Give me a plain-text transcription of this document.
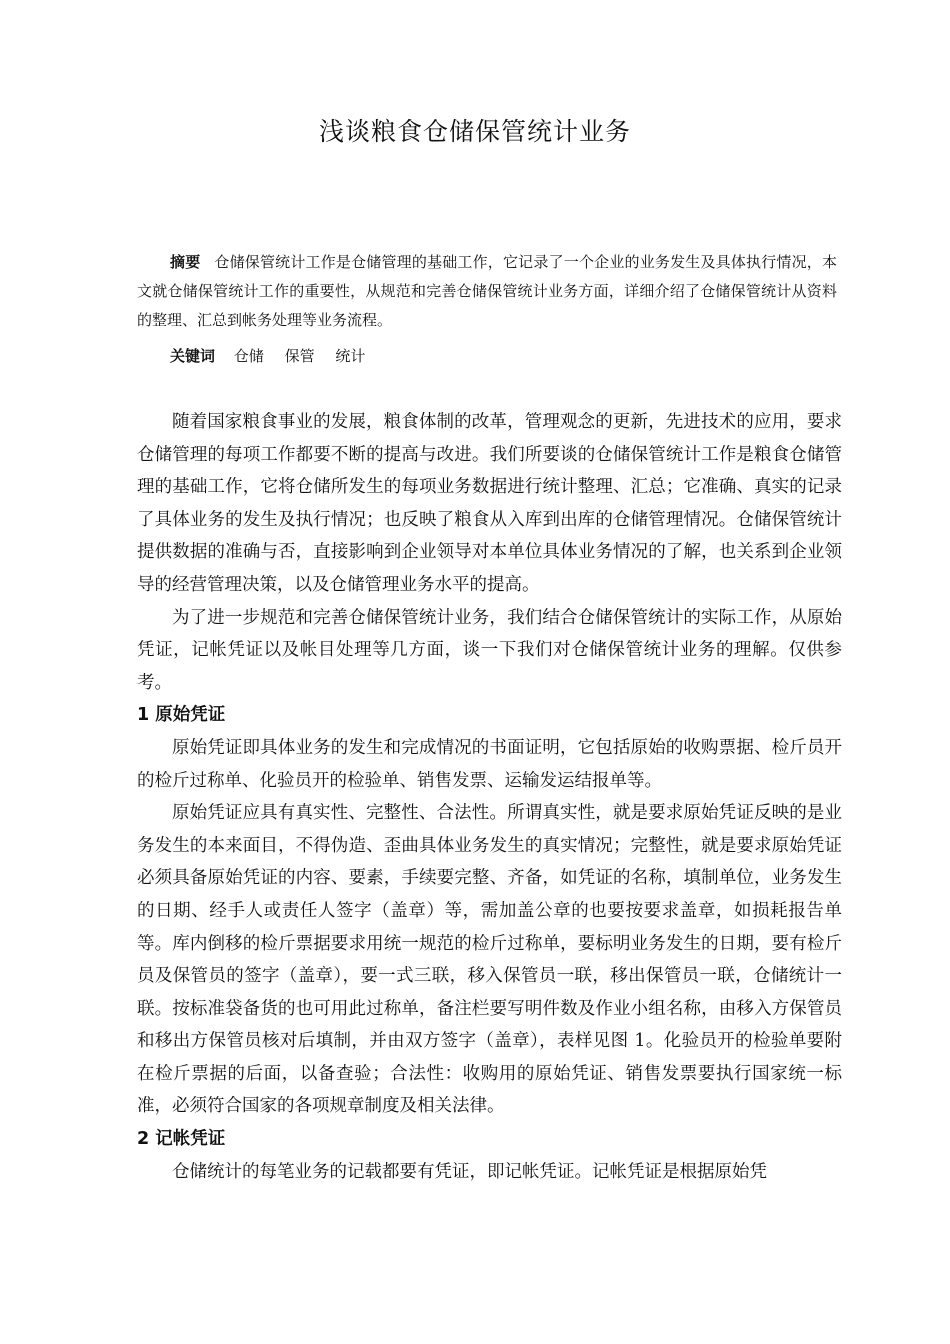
浅谈粮食仓储保管统计业务

摘要 仓储保管统计工作是仓储管理的基础工作，它记录了一个企业的业务发生及具体执行情况，本文就仓储保管统计工作的重要性，从规范和完善仓储保管统计业务方面，详细介绍了仓储保管统计从资料的整理、汇总到帐务处理等业务流程。

关键词 仓储 保管 统计

随着国家粮食事业的发展，粮食体制的改革，管理观念的更新，先进技术的应用，要求仓储管理的每项工作都要不断的提高与改进。我们所要谈的仓储保管统计工作是粮食仓储管理的基础工作，它将仓储所发生的每项业务数据进行统计整理、汇总；它准确、真实的记录了具体业务的发生及执行情况；也反映了粮食从入库到出库的仓储管理情况。仓储保管统计提供数据的准确与否，直接影响到企业领导对本单位具体业务情况的了解，也关系到企业领导的经营管理决策，以及仓储管理业务水平的提高。

为了进一步规范和完善仓储保管统计业务，我们结合仓储保管统计的实际工作，从原始凭证，记帐凭证以及帐目处理等几方面，谈一下我们对仓储保管统计业务的理解。仅供参考。

1 原始凭证

原始凭证即具体业务的发生和完成情况的书面证明，它包括原始的收购票据、检斤员开的检斤过称单、化验员开的检验单、销售发票、运输发运结报单等。

原始凭证应具有真实性、完整性、合法性。所谓真实性，就是要求原始凭证反映的是业务发生的本来面目，不得伪造、歪曲具体业务发生的真实情况；完整性，就是要求原始凭证必须具备原始凭证的内容、要素，手续要完整、齐备，如凭证的名称，填制单位，业务发生的日期、经手人或责任人签字（盖章）等，需加盖公章的也要按要求盖章，如损耗报告单等。库内倒移的检斤票据要求用统一规范的检斤过称单，要标明业务发生的日期，要有检斤员及保管员的签字（盖章），要一式三联，移入保管员一联，移出保管员一联，仓储统计一联。按标准袋备货的也可用此过称单，备注栏要写明件数及作业小组名称，由移入方保管员和移出方保管员核对后填制，并由双方签字（盖章），表样见图 1。化验员开的检验单要附在检斤票据的后面，以备查验；合法性：收购用的原始凭证、销售发票要执行国家统一标准，必须符合国家的各项规章制度及相关法律。

2 记帐凭证

仓储统计的每笔业务的记载都要有凭证，即记帐凭证。记帐凭证是根据原始凭
